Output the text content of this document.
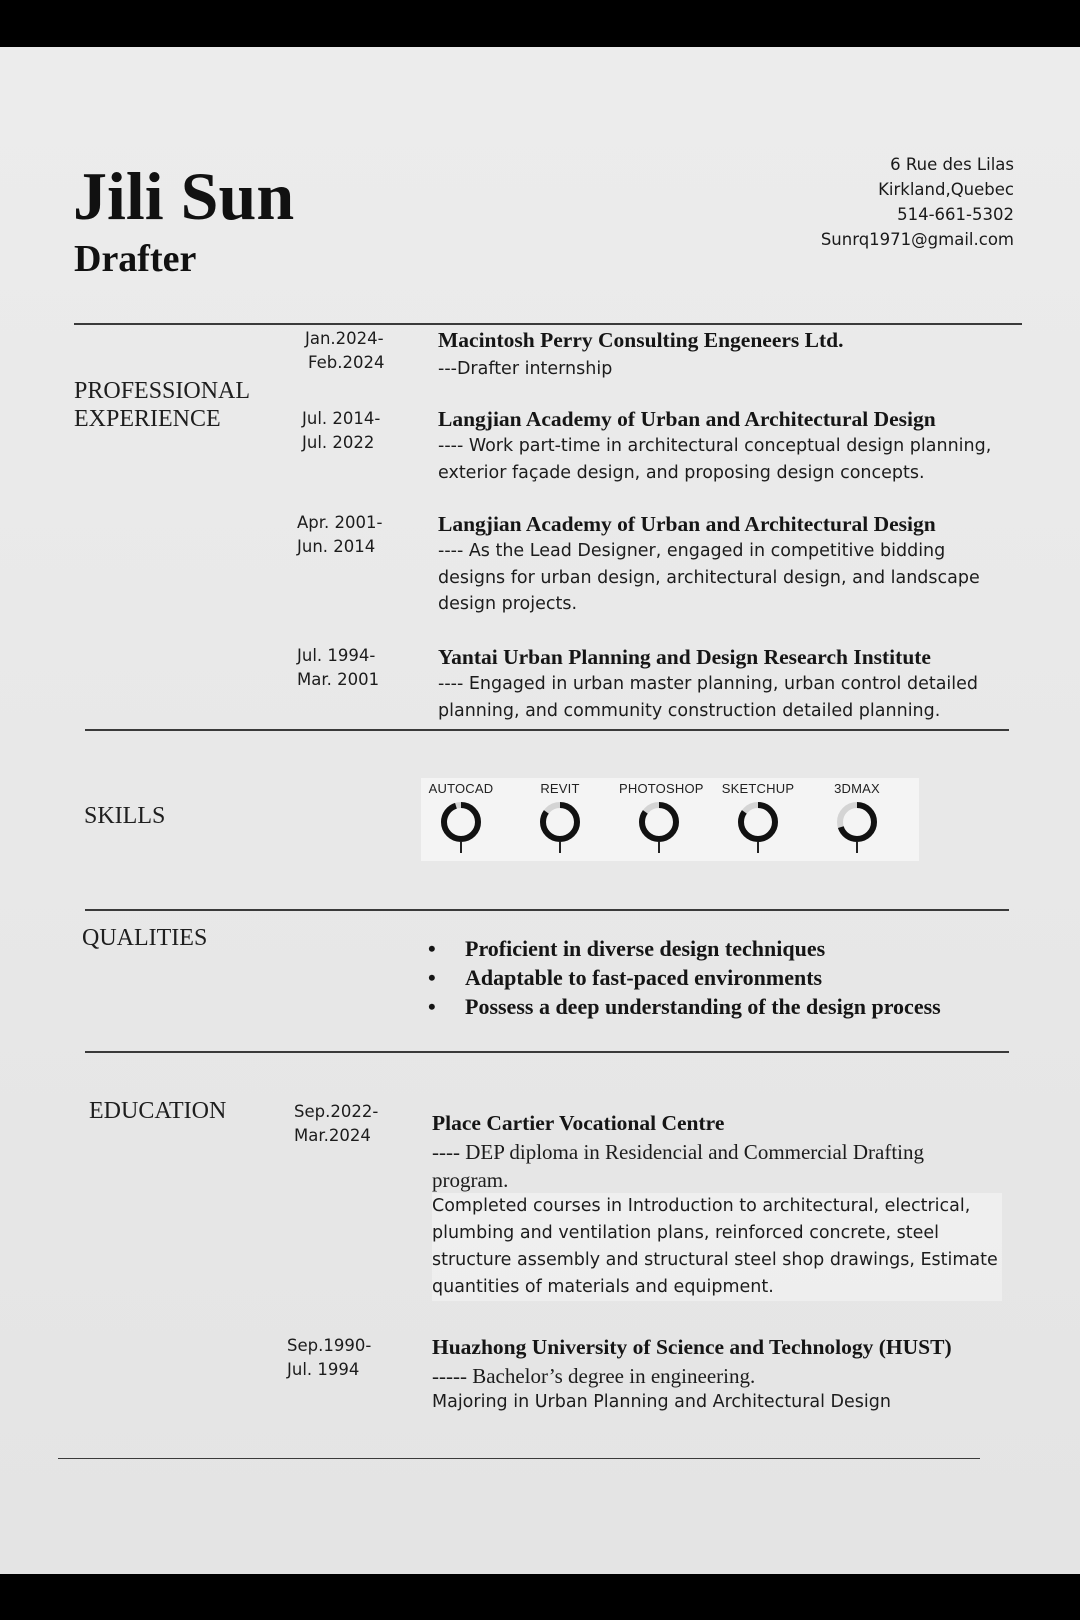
Jili Sun
Drafter
6 Rue des Lilas
Kirkland,Quebec
514-661-5302
Sunrq1971@gmail.com
PROFESSIONAL
EXPERIENCE
Jan.2024-
Feb.2024
Macintosh Perry Consulting Engeneers Ltd.
---Drafter internship
Jul. 2014-
Jul. 2022
Langjian Academy of Urban and Architectural Design
---- Work part-time in architectural conceptual design planning, exterior façade design, and proposing design concepts.
Apr. 2001-
Jun. 2014
Langjian Academy of Urban and Architectural Design
---- As the Lead Designer, engaged in competitive bidding designs for urban design, architectural design, and landscape design projects.
Jul. 1994-
Mar. 2001
Yantai Urban Planning and Design Research Institute
---- Engaged in urban master planning, urban control detailed planning, and community construction detailed planning.
SKILLS
AUTOCAD	REVIT	PHOTOSHOP SKETCHUP	3DMAX
QUALITIES	• Proficient in diverse design techniques
• Adaptable to fast-paced environments
• Possess a deep understanding of the design process
EDUCATION	Sep.2022-
Mar.2024
Place Cartier Vocational Centre
---- DEP diploma in Residencial and Commercial Drafting program.
Completed courses in Introduction to architectural, electrical, plumbing and ventilation plans, reinforced concrete, steel structure assembly and structural steel shop drawings, Estimate quantities of materials and equipment.
Sep.1990-
Jul. 1994
Huazhong University of Science and Technology (HUST)
----- Bachelor’s degree in engineering.
Majoring in Urban Planning and Architectural Design
